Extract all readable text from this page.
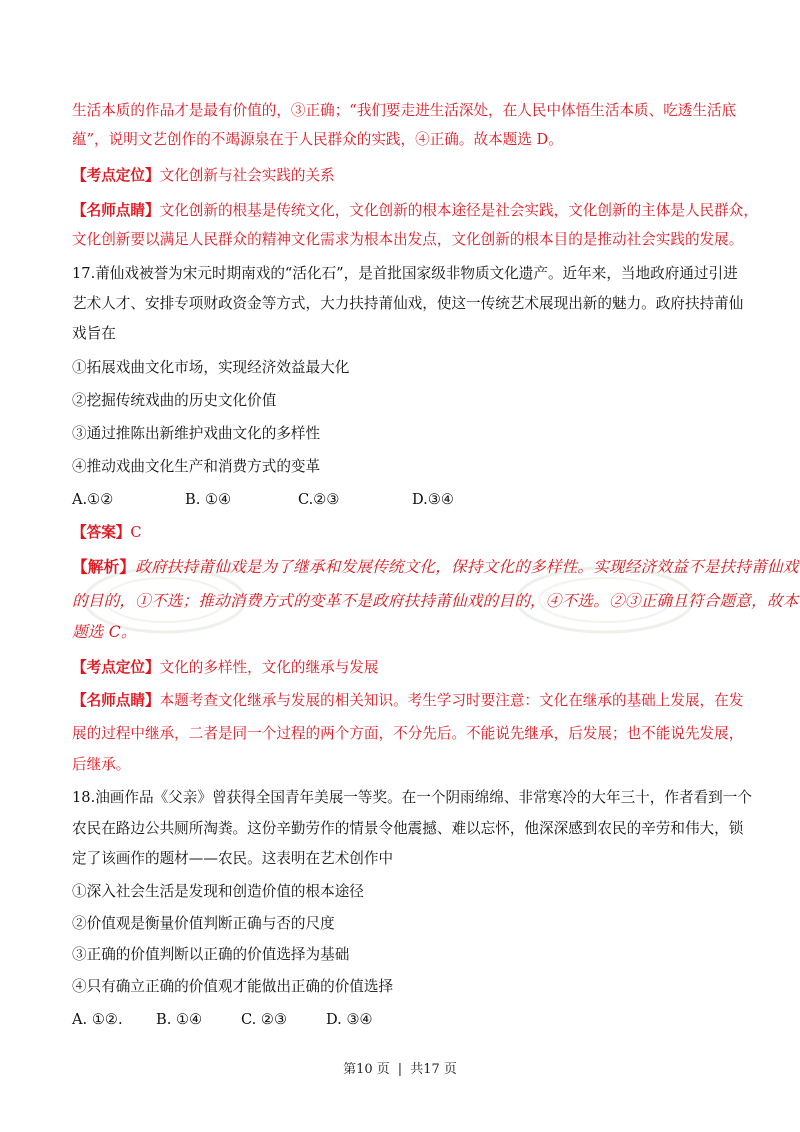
生活本质的作品才是最有价值的，③正确；“我们要走进生活深处，在人民中体悟生活本质、吃透生活底
蕴”，说明文艺创作的不竭源泉在于人民群众的实践，④正确。故本题选 D。
【考点定位】文化创新与社会实践的关系
【名师点睛】文化创新的根基是传统文化，文化创新的根本途径是社会实践，文化创新的主体是人民群众，
文化创新要以满足人民群众的精神文化需求为根本出发点，文化创新的根本目的是推动社会实践的发展。
17.莆仙戏被誉为宋元时期南戏的“活化石”，是首批国家级非物质文化遗产。近年来，当地政府通过引进
艺术人才、安排专项财政资金等方式，大力扶持莆仙戏，使这一传统艺术展现出新的魅力。政府扶持莆仙
戏旨在
①拓展戏曲文化市场，实现经济效益最大化
②挖掘传统戏曲的历史文化价值
③通过推陈出新维护戏曲文化的多样性
④推动戏曲文化生产和消费方式的变革
A.①②	B. ①④	C.②③	D.③④
【答案】C
【解析】政府扶持莆仙戏是为了继承和发展传统文化，保持文化的多样性。实现经济效益不是扶持莆仙戏
的目的，①不选；推动消费方式的变革不是政府扶持莆仙戏的目的，④不选。②③正确且符合题意，故本
题选 C。
【考点定位】文化的多样性，文化的继承与发展
【名师点睛】本题考查文化继承与发展的相关知识。考生学习时要注意：文化在继承的基础上发展，在发
展的过程中继承，二者是同一个过程的两个方面，不分先后。不能说先继承，后发展；也不能说先发展，
后继承。
18.油画作品《父亲》曾获得全国青年美展一等奖。在一个阴雨绵绵、非常寒冷的大年三十，作者看到一个
农民在路边公共厕所淘粪。这份辛勤劳作的情景令他震撼、难以忘怀，他深深感到农民的辛劳和伟大，锁
定了该画作的题材——农民。这表明在艺术创作中
①深入社会生活是发现和创造价值的根本途径
②价值观是衡量价值判断正确与否的尺度
③正确的价值判断以正确的价值选择为基础
④只有确立正确的价值观才能做出正确的价值选择
A. ①②. B. ①④	C. ②③	D. ③④
第10 页 | 共17 页
